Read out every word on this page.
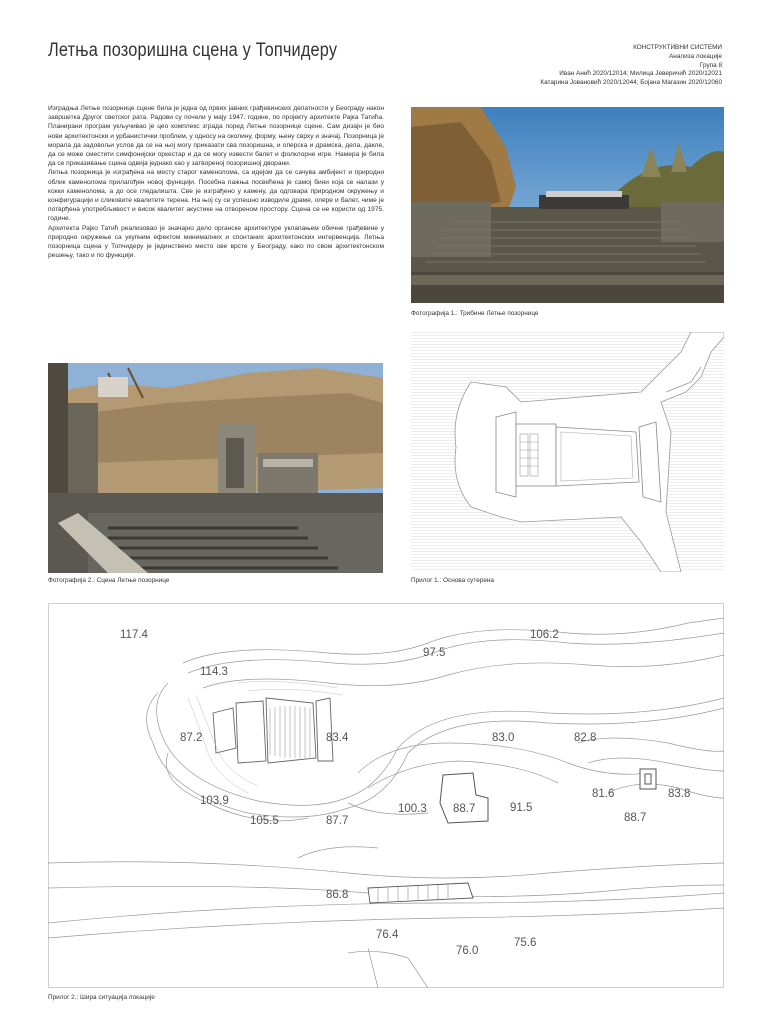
Летња позоришна сцена у Топчидеру	КОНСТРУКТИВНИ СИСТЕМИ
Анализа локације
Група 8
Иван Анић 2020/12014; Милица Јеверичић 2020/12021
Катарина Јовановић 2020/12044; Бојана Магазин 2020/12060

Изградња Летње позорнице сцене била је једна од првих јавних грађевинских делатности у Београду након завршетка Другог светског рата. Радови су почели у мају 1947. године, по пројекту архитекте Рајка Татића. Планирани програм укључивао је цео комплекс зграда поред Летње позорнице сцене. Сам дизајн је био нови архитектонски и урбанистички проблем, у односу на околину, форму, њену сврху и значај. Позорница је морала да задовољи услов да се на њој могу приказати сва позоришна, и оперска и драмска, дела, дакле, да се може сместити симфонијски оркестар и да се могу извести балет и фолклорне игре. Намера је била да се приказивање сцена одвија једнако као у затвореној позоришној дворани.

Летња позорница је изграђена на месту старог каменолома, са идејом да се сачува амбијент и природни облик каменолома прилагођен новој функцији. Посебна пажња посвећена је самој бини која се налази у кокки каменолома, а до осе гледалишта. Све је изграђено у камену, да одговара природном окружењу и конфигурацији и сликовите квалитете терена. На њој су се успешно изводиле драме, опере и балет, чиме је потврђена употребљивост и висок квалитет акустике на отвореном простору. Сцена се не користи од 1975. године.

Архитекта Рајко Татић реализовао је значајно дело органске архитектуре уклапањем обичне грађевине у природно окружење са укупним ефектом минималних и спонтаних архитектонских интервенција. Летња позорница сцена у Топчидеру је јединствено место ове врсте у Београду, како по свом архитектонском решењу, тако и по функцији.

Фотографија 1.: Трибине Летње позорнице
Фотографија 2.: Сцена Летње позорнице	Прилог 1.: Основа сутерена
117.4	106.2
114.3
97.5
87.2	83.4	83.0	82.8
103.9
100.3 88.7	91.5
81.6	83.8
88.7
105.5	87.7
86.8
76.4
76.0
75.6
Прилог 2.: Шира ситуација локације
